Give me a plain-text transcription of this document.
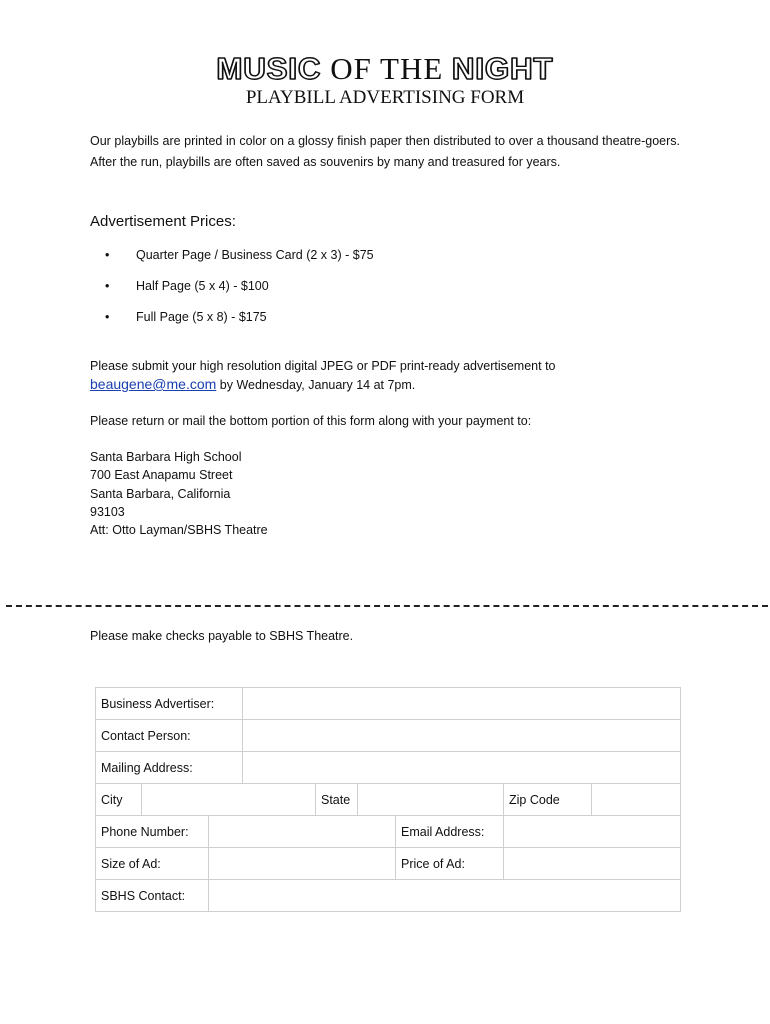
MUSIC OF THE NIGHT
PLAYBILL ADVERTISING FORM
Our playbills are printed in color on a glossy finish paper then distributed to over a thousand theatre-goers. After the run, playbills are often saved as souvenirs by many and treasured for years.
Advertisement Prices:
• Quarter Page / Business Card (2 x 3) - $75
• Half Page (5 x 4) - $100
• Full Page (5 x 8) - $175
Please submit your high resolution digital JPEG or PDF print-ready advertisement to
beaugene@me.com by Wednesday, January 14 at 7pm.
Please return or mail the bottom portion of this form along with your payment to:
Santa Barbara High School
700 East Anapamu Street
Santa Barbara, California
93103
Att: Otto Layman/SBHS Theatre
Please make checks payable to SBHS Theatre.
Business Advertiser:								
Contact Person:								
Mailing Address:								
City				State			Zip Code	
Phone Number:						Email Address:		
Size of Ad:						Price of Ad:		
SBHS Contact:								
